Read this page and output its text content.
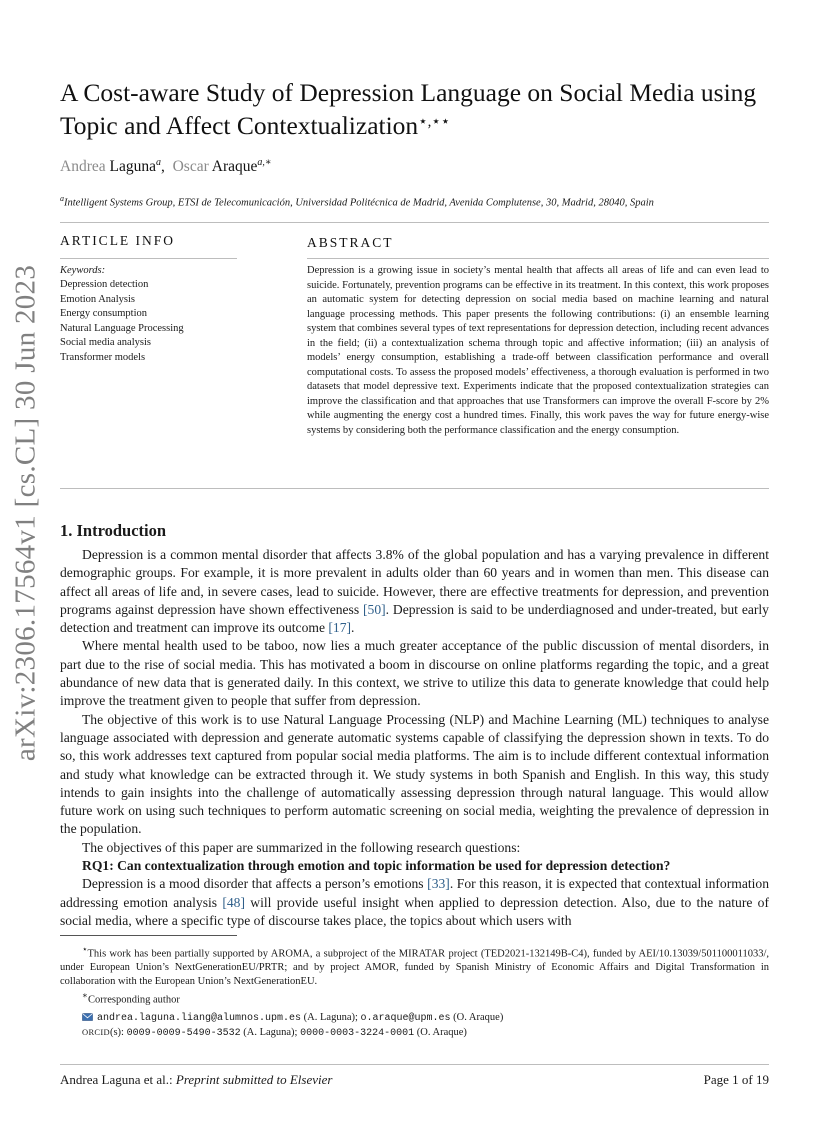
arXiv:2306.17564v1 [cs.CL] 30 Jun 2023
A Cost-aware Study of Depression Language on Social Media using Topic and Affect Contextualization⋆,⋆⋆
Andrea Laguna$^a$,  Oscar Araque$^{a,∗}$
$^a$Intelligent Systems Group, ETSI de Telecomunicación, Universidad Politécnica de Madrid, Avenida Complutense, 30, Madrid, 28040, Spain
ARTICLE INFO
Keywords:
Depression detection
Emotion Analysis
Energy consumption
Natural Language Processing
Social media analysis
Transformer models
ABSTRACT
Depression is a growing issue in society’s mental health that affects all areas of life and can even lead to suicide. Fortunately, prevention programs can be effective in its treatment. In this context, this work proposes an automatic system for detecting depression on social media based on machine learning and natural language processing methods. This paper presents the following contributions: (i) an ensemble learning system that combines several types of text representations for depression detection, including recent advances in the field; (ii) a contextualization schema through topic and affective information; (iii) an analysis of models’ energy consumption, establishing a trade-off between classification performance and overall computational costs. To assess the proposed models’ effectiveness, a thorough evaluation is performed in two datasets that model depressive text. Experiments indicate that the proposed contextualization strategies can improve the classification and that approaches that use Transformers can improve the overall F-score by 2% while augmenting the energy cost a hundred times. Finally, this work paves the way for future energy-wise systems by considering both the performance classification and the energy consumption.
1. Introduction

Depression is a common mental disorder that affects 3.8% of the global population and has a varying prevalence in different demographic groups. For example, it is more prevalent in adults older than 60 years and in women than men. This disease can affect all areas of life and, in severe cases, lead to suicide. However, there are effective treatments for depression, and prevention programs against depression have shown effectiveness [50]. Depression is said to be underdiagnosed and under-treated, but early detection and treatment can improve its outcome [17].

Where mental health used to be taboo, now lies a much greater acceptance of the public discussion of mental disorders, in part due to the rise of social media. This has motivated a boom in discourse on online platforms regarding the topic, and a great abundance of new data that is generated daily. In this context, we strive to utilize this data to generate knowledge that could help improve the treatment given to people that suffer from depression.

The objective of this work is to use Natural Language Processing (NLP) and Machine Learning (ML) techniques to analyse language associated with depression and generate automatic systems capable of classifying the depression shown in texts. To do so, this work addresses text captured from popular social media platforms. The aim is to include different contextual information and study what knowledge can be extracted through it. We study systems in both Spanish and English. In this way, this study intends to gain insights into the challenge of automatically assessing depression through natural language. This would allow future work on using such techniques to perform automatic screening on social media, weighting the prevalence of depression in the population.

The objectives of this paper are summarized in the following research questions:

RQ1: Can contextualization through emotion and topic information be used for depression detection?

Depression is a mood disorder that affects a person’s emotions [33]. For this reason, it is expected that contextual information addressing emotion analysis [48] will provide useful insight when applied to depression detection. Also, due to the nature of social media, where a specific type of discourse takes place, the topics about which users with

⋆This work has been partially supported by AROMA, a subproject of the MIRATAR project (TED2021-132149B-C4), funded by AEI/10.13039/501100011033/, under European Union’s NextGenerationEU/PRTR; and by project AMOR, funded by Spanish Ministry of Economic Affairs and Digital Transformation in collaboration with the European Union’s NextGenerationEU.

∗Corresponding author

andrea.laguna.liang@alumnos.upm.es (A. Laguna); o.araque@upm.es (O. Araque)

ORCID(s): 0009-0009-5490-3532 (A. Laguna); 0000-0003-3224-0001 (O. Araque)

Andrea Laguna et al.: Preprint submitted to Elsevier	Page 1 of 19
